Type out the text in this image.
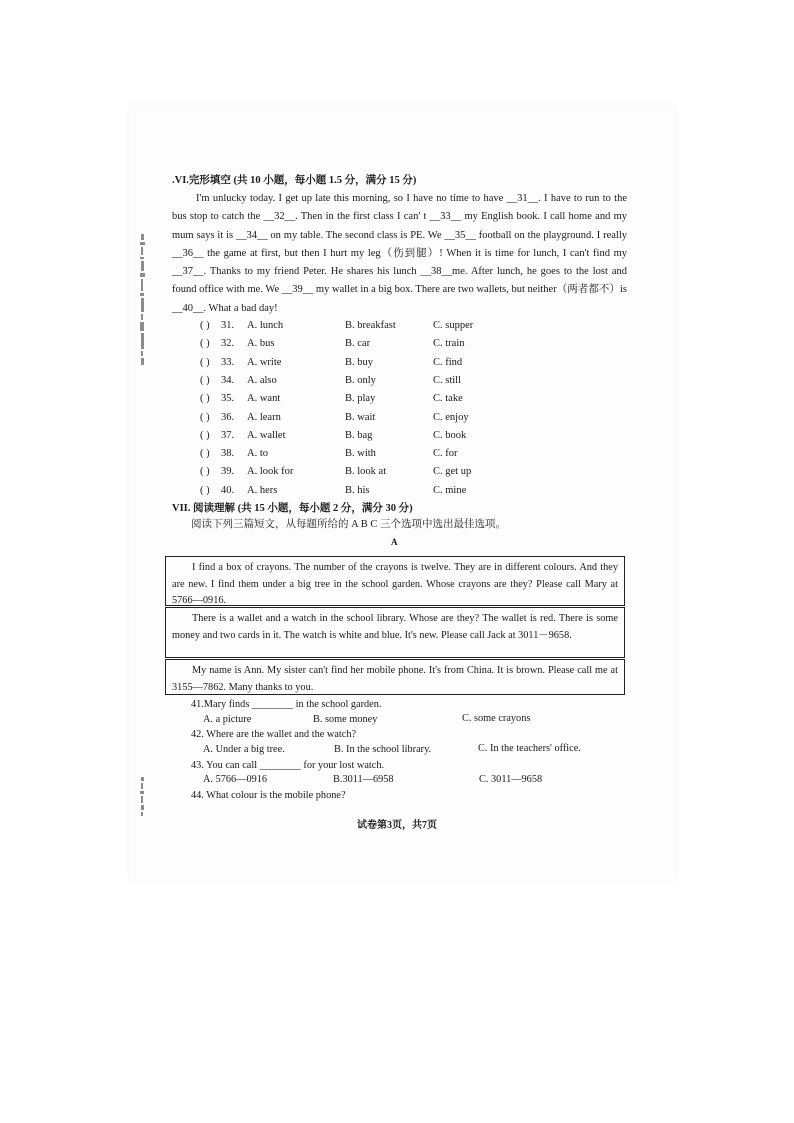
.VI.完形填空 (共 10 小题，每小题 1.5 分，满分 15 分)

I'm unlucky today. I get up late this morning, so I have no time to have __31__. I have to run to the bus stop to catch the __32__. Then in the first class I can' t __33__ my English book. I call home and my mum says it is __34__ on my table. The second class is PE. We __35__ football on the playground. I really __36__ the game at first, but then I hurt my leg（伤到腿）! When it is time for lunch, I can't find my __37__. Thanks to my friend Peter. He shares his lunch __38__me. After lunch, he goes to the lost and found office with me. We __39__ my wallet in a big box. There are two wallets, but neither（两者都不）is __40__. What a bad day!

( ) 31. A. lunch	B. breakfast	C. supper
( ) 32. A. bus	B. car	C. train
( ) 33. A. write	B. buy	C. find
( ) 34. A. also	B. only	C. still
( ) 35. A. want	B. play	C. take
( ) 36. A. learn	B. wait	C. enjoy
( ) 37. A. wallet	B. bag	C. book
( ) 38. A. to	B. with	C. for
( ) 39. A. look for	B. look at	C. get up
( ) 40. A. hers	B. his	C. mine
VII. 阅读理解 (共 15 小题，每小题 2 分，满分 30 分)
阅读下列三篇短文，从每题所给的 A B C 三个选项中选出最佳选项。
A

I find a box of crayons. The number of the crayons is twelve. They are in different colours. And they are new. I find them under a big tree in the school garden. Whose crayons are they? Please call Mary at 5766—0916.

There is a wallet and a watch in the school library. Whose are they? The wallet is red. There is some money and two cards in it. The watch is white and blue. It's new. Please call Jack at 3011－9658.

My name is Ann. My sister can't find her mobile phone. It's from China. It is brown. Please call me at 3155—7862. Many thanks to you.

41.Mary finds ________ in the school garden.
A. a picture	B. some money	C. some crayons
42. Where are the wallet and the watch?
A. Under a big tree.	B. In the school library.	C. In the teachers' office.
43. You can call ________ for your lost watch.
A. 5766—0916	B.3011—6958	C. 3011—9658
44. What colour is the mobile phone?
试卷第3页，共7页
